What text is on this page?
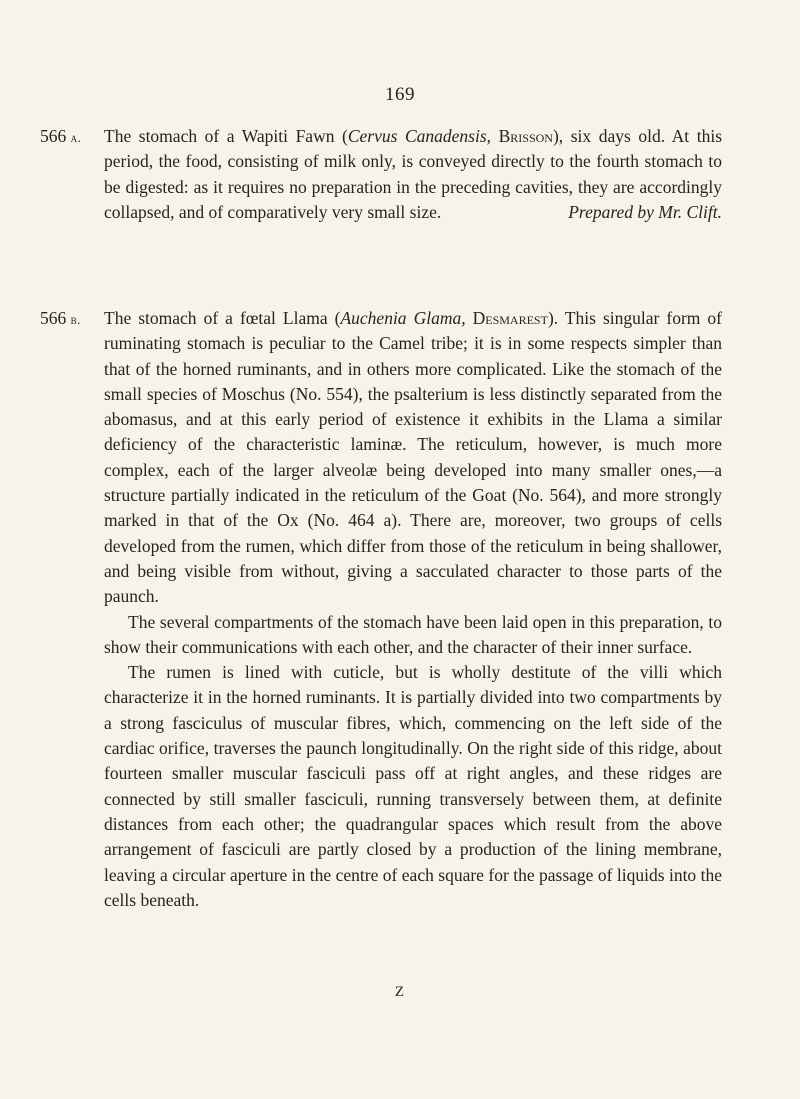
169
566 a.	The stomach of a Wapiti Fawn (Cervus Canadensis, Brisson), six days old. At this period, the food, consisting of milk only, is conveyed directly to the fourth stomach to be digested: as it requires no preparation in the preceding cavities, they are accordingly collapsed, and of comparatively very small size.	Prepared by Mr. Clift.

566 b.	The stomach of a fœtal Llama (Auchenia Glama, Desmarest). This singular form of ruminating stomach is peculiar to the Camel tribe; it is in some respects simpler than that of the horned ruminants, and in others more complicated. Like the stomach of the small species of Moschus (No. 554), the psalterium is less distinctly separated from the abomasus, and at this early period of existence it exhibits in the Llama a similar deficiency of the characteristic laminæ. The reticulum, however, is much more complex, each of the larger alveolæ being developed into many smaller ones,—a structure partially indicated in the reticulum of the Goat (No. 564), and more strongly marked in that of the Ox (No. 464 a). There are, moreover, two groups of cells developed from the rumen, which differ from those of the reticulum in being shallower, and being visible from without, giving a sacculated character to those parts of the paunch.

The several compartments of the stomach have been laid open in this preparation, to show their communications with each other, and the character of their inner surface.

The rumen is lined with cuticle, but is wholly destitute of the villi which characterize it in the horned ruminants. It is partially divided into two compartments by a strong fasciculus of muscular fibres, which, commencing on the left side of the cardiac orifice, traverses the paunch longitudinally. On the right side of this ridge, about fourteen smaller muscular fasciculi pass off at right angles, and these ridges are connected by still smaller fasciculi, running transversely between them, at definite distances from each other; the quadrangular spaces which result from the above arrangement of fasciculi are partly closed by a production of the lining membrane, leaving a circular aperture in the centre of each square for the passage of liquids into the cells beneath.

Z
